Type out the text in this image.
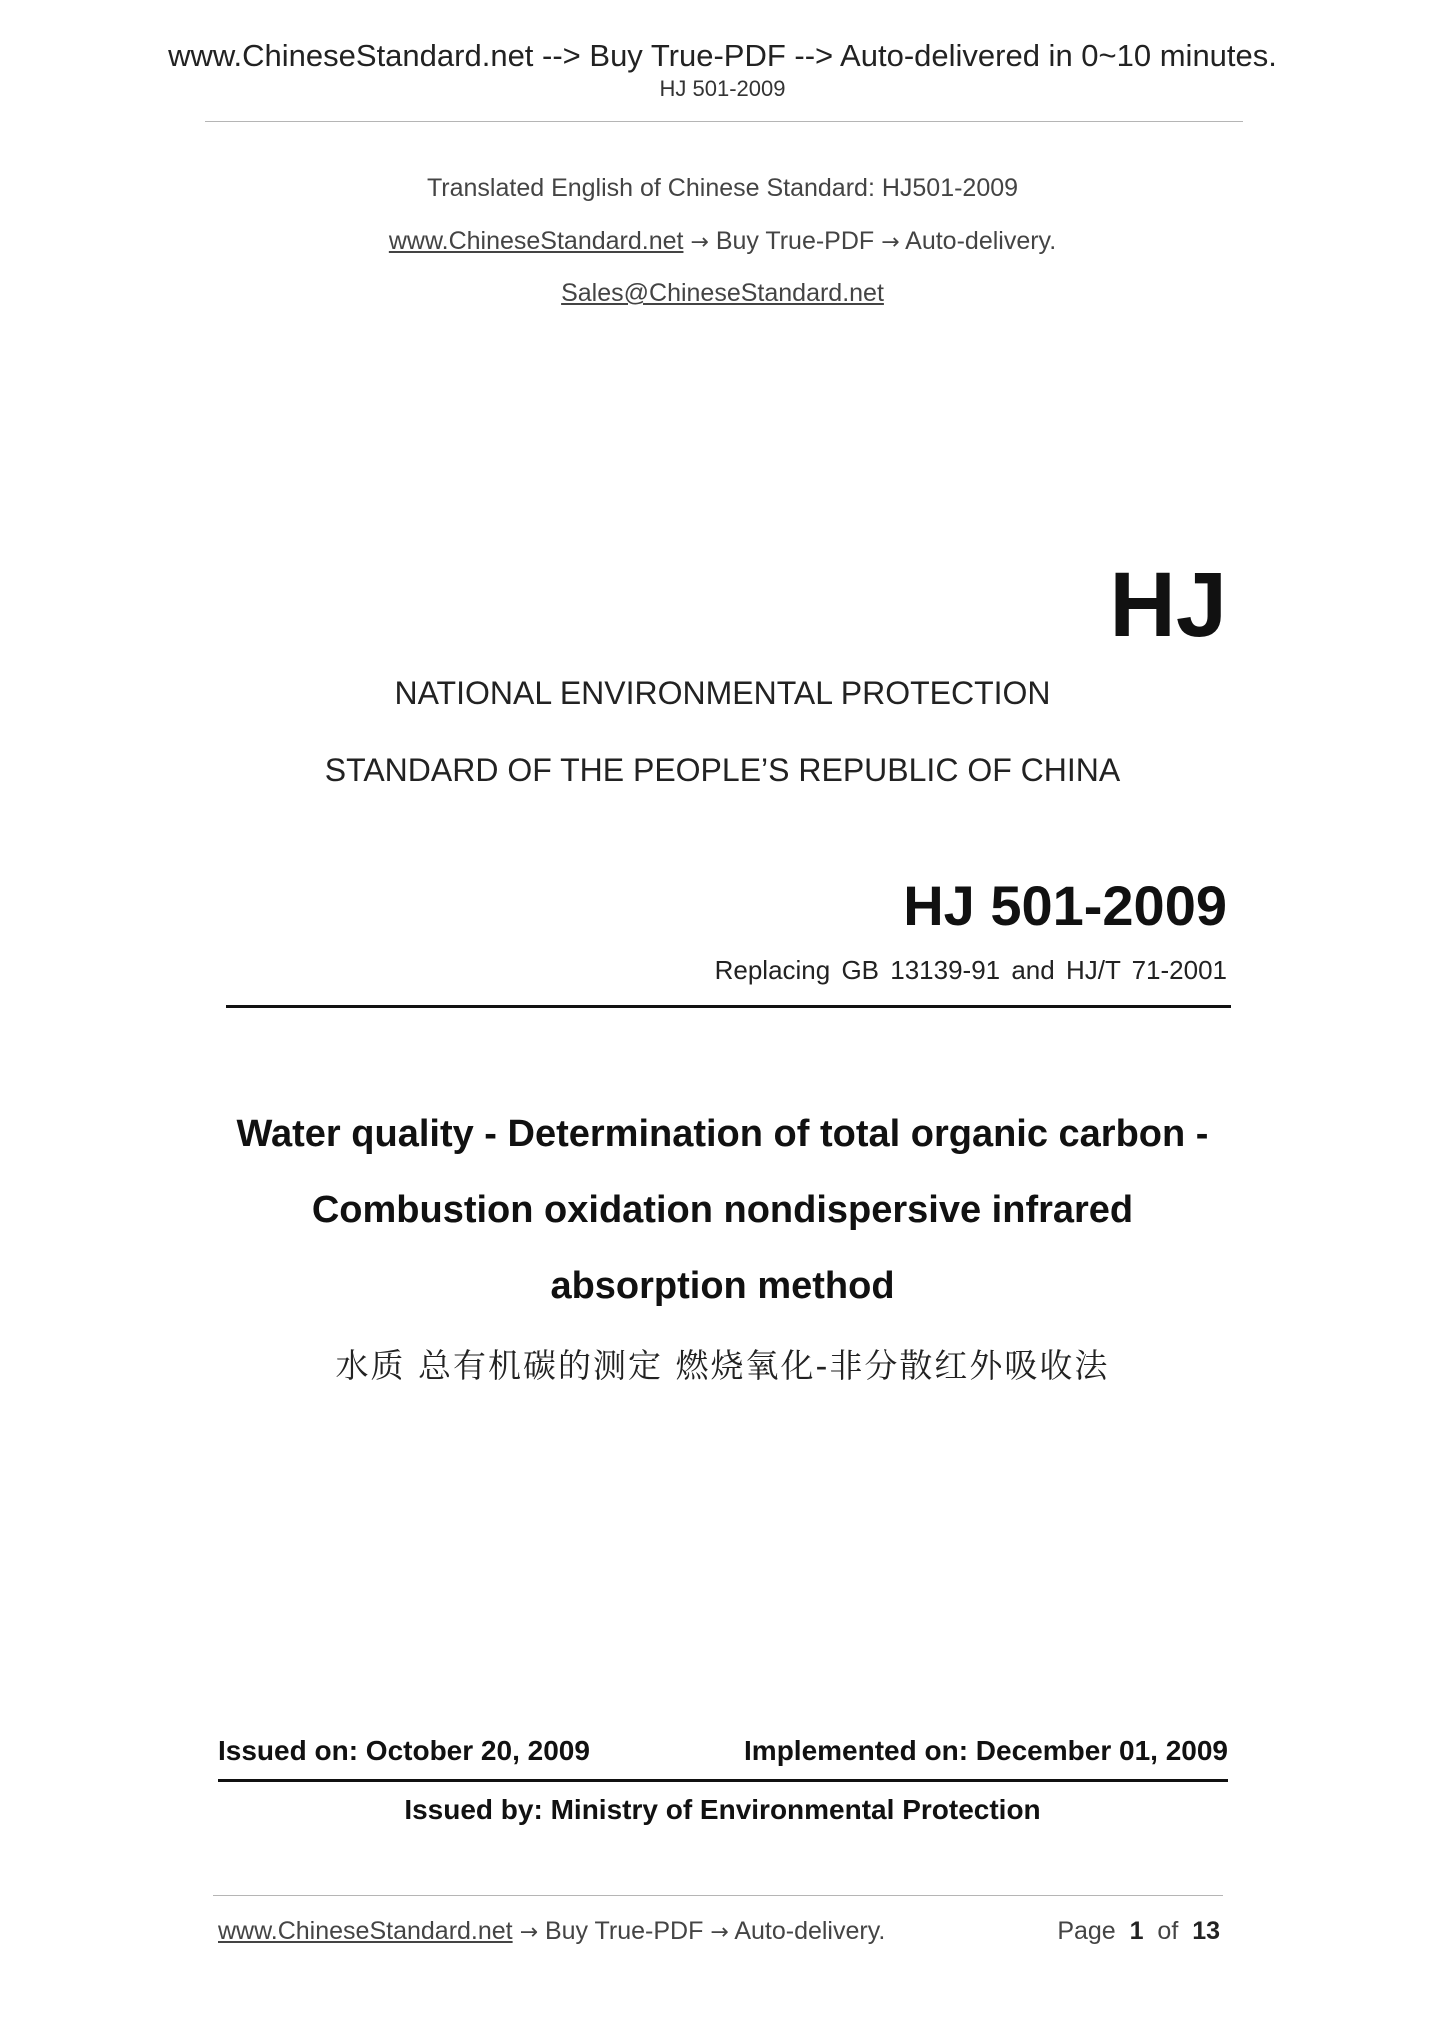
www.ChineseStandard.net --> Buy True-PDF --> Auto-delivered in 0~10 minutes.
HJ 501-2009
Translated English of Chinese Standard: HJ501-2009
www.ChineseStandard.net → Buy True-PDF → Auto-delivery.
Sales@ChineseStandard.net
HJ
NATIONAL ENVIRONMENTAL PROTECTION
STANDARD OF THE PEOPLE’S REPUBLIC OF CHINA
HJ 501-2009
Replacing GB 13139-91 and HJ/T 71-2001
Water quality - Determination of total organic carbon -
Combustion oxidation nondispersive infrared
absorption method
水质 总有机碳的测定 燃烧氧化-非分散红外吸收法
Issued on: October 20, 2009	Implemented on: December 01, 2009
Issued by: Ministry of Environmental Protection
www.ChineseStandard.net → Buy True-PDF → Auto-delivery.	Page 1 of 13
